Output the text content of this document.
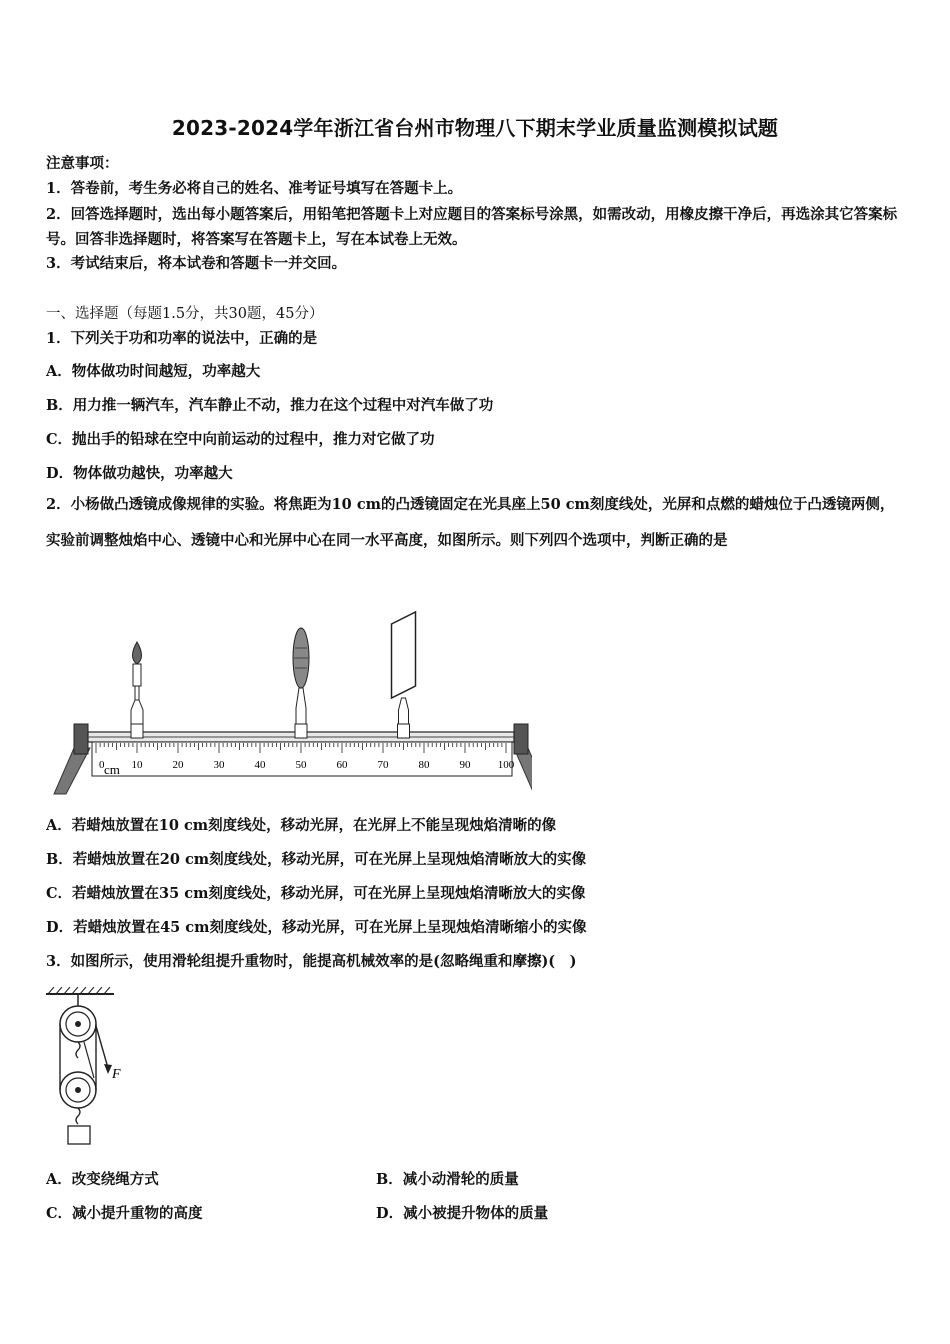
2023-2024学年浙江省台州市物理八下期末学业质量监测模拟试题
注意事项：
1．答卷前，考生务必将自己的姓名、准考证号填写在答题卡上。
2．回答选择题时，选出每小题答案后，用铅笔把答题卡上对应题目的答案标号涂黑，如需改动，用橡皮擦干净后，再选涂其它答案标号。回答非选择题时，将答案写在答题卡上，写在本试卷上无效。
3．考试结束后，将本试卷和答题卡一并交回。
一、选择题（每题1.5分，共30题，45分）
1．下列关于功和功率的说法中，正确的是
A．物体做功时间越短，功率越大
B．用力推一辆汽车，汽车静止不动，推力在这个过程中对汽车做了功
C．抛出手的铅球在空中向前运动的过程中，推力对它做了功
D．物体做功越快，功率越大
2．小杨做凸透镜成像规律的实验。将焦距为10 cm的凸透镜固定在光具座上50 cm刻度线处，光屏和点燃的蜡烛位于凸透镜两侧，实验前调整烛焰中心、透镜中心和光屏中心在同一水平高度，如图所示。则下列四个选项中，判断正确的是
0 10	20	30	40	50	60	70	80	90 100
cm
A．若蜡烛放置在10 cm刻度线处，移动光屏，在光屏上不能呈现烛焰清晰的像
B．若蜡烛放置在20 cm刻度线处，移动光屏，可在光屏上呈现烛焰清晰放大的实像
C．若蜡烛放置在35 cm刻度线处，移动光屏，可在光屏上呈现烛焰清晰放大的实像
D．若蜡烛放置在45 cm刻度线处，移动光屏，可在光屏上呈现烛焰清晰缩小的实像
3．如图所示，使用滑轮组提升重物时，能提高机械效率的是(忽略绳重和摩擦)(　)
F
A．改变绕绳方式	B．减小动滑轮的质量
C．减小提升重物的高度	D．减小被提升物体的质量
